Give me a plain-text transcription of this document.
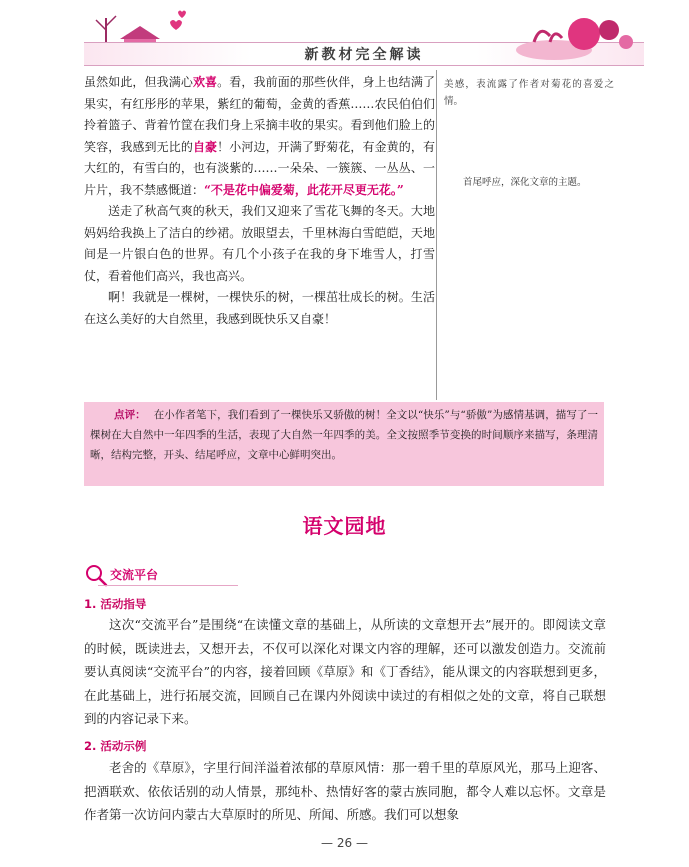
新教材完全解读

虽然如此，但我满心欢喜。看，我前面的那些伙伴，身上也结满了果实，有红彤彤的苹果，紫红的葡萄，金黄的香蕉……农民伯伯们拎着篮子、背着竹筐在我们身上采摘丰收的果实。看到他们脸上的笑容，我感到无比的自豪！小河边，开满了野菊花，有金黄的，有大红的，有雪白的，也有淡紫的……一朵朵、一簇簇、一丛丛、一片片，我不禁感慨道：“不是花中偏爱菊，此花开尽更无花。”

送走了秋高气爽的秋天，我们又迎来了雪花飞舞的冬天。大地妈妈给我换上了洁白的纱裙。放眼望去，千里林海白雪皑皑，天地间是一片银白色的世界。有几个小孩子在我的身下堆雪人，打雪仗，看着他们高兴，我也高兴。

啊！我就是一棵树，一棵快乐的树，一棵茁壮成长的树。生活在这么美好的大自然里，我感到既快乐又自豪！

美感，表流露了作者对菊花的喜爱之情。
首尾呼应，深化文章的主题。
点评： 在小作者笔下，我们看到了一棵快乐又骄傲的树！全文以“快乐”与“骄傲”为感情基调，描写了一棵树在大自然中一年四季的生活，表现了大自然一年四季的美。全文按照季节变换的时间顺序来描写，条理清晰，结构完整，开头、结尾呼应，文章中心鲜明突出。
语文园地
交流平台
1. 活动指导

这次“交流平台”是围绕“在读懂文章的基础上，从所读的文章想开去”展开的。即阅读文章的时候，既读进去，又想开去，不仅可以深化对课文内容的理解，还可以激发创造力。交流前要认真阅读“交流平台”的内容，接着回顾《草原》和《丁香结》，能从课文的内容联想到更多，在此基础上，进行拓展交流，回顾自己在课内外阅读中读过的有相似之处的文章，将自己联想到的内容记录下来。

2. 活动示例

老舍的《草原》，字里行间洋溢着浓郁的草原风情：那一碧千里的草原风光，那马上迎客、把酒联欢、依依话别的动人情景，那纯朴、热情好客的蒙古族同胞，都令人难以忘怀。文章是作者第一次访问内蒙古大草原时的所见、所闻、所感。我们可以想象

— 26 —
